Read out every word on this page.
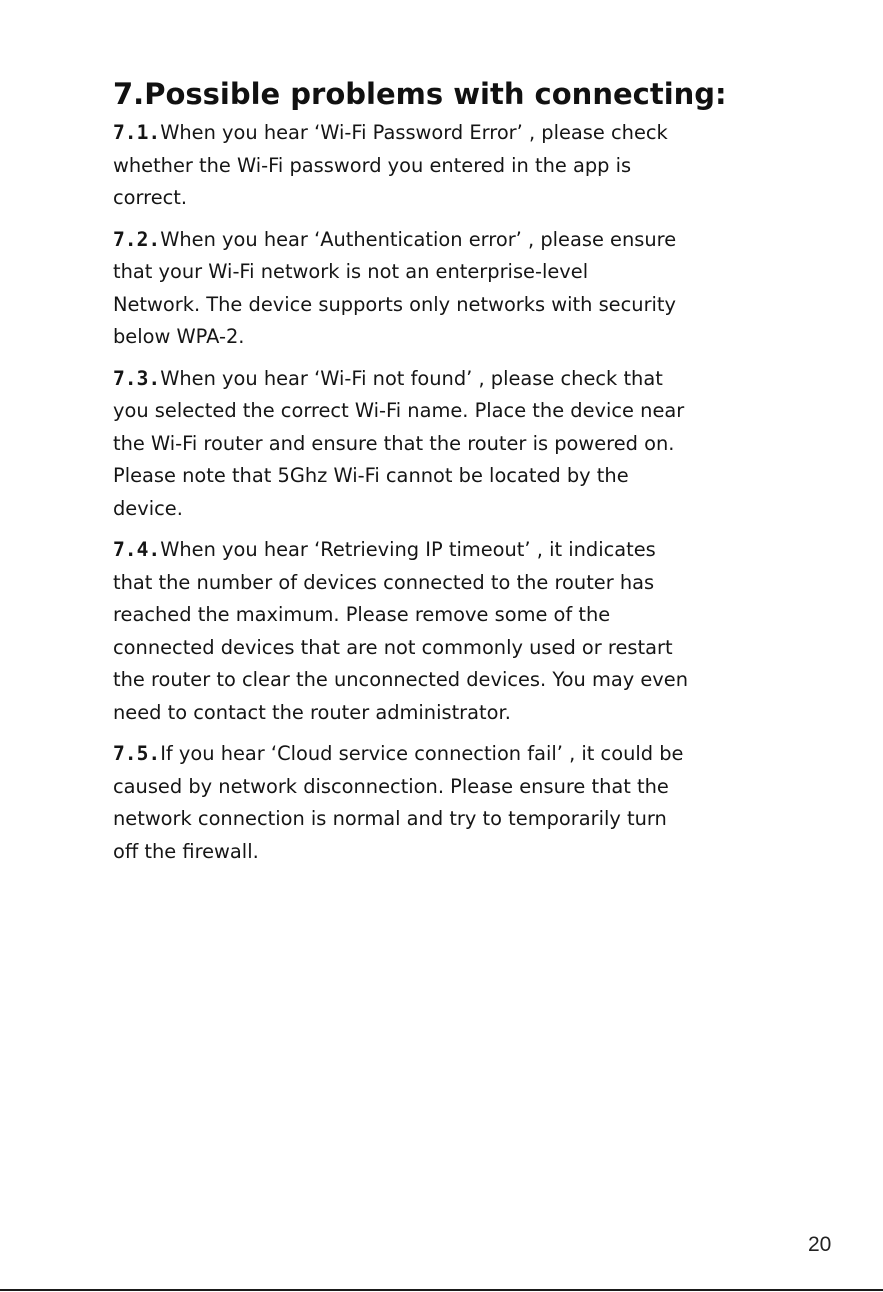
7.Possible problems with connecting:

7.1.When you hear ‘Wi-Fi Password Error’ , please check
whether the Wi-Fi password you entered in the app is
correct.

7.2.When you hear ‘Authentication error’ , please ensure
that your Wi-Fi network is not an enterprise-level
Network. The device supports only networks with security
below WPA-2.

7.3.When you hear ‘Wi-Fi not found’ , please check that
you selected the correct Wi-Fi name. Place the device near
the Wi-Fi router and ensure that the router is powered on.
Please note that 5Ghz Wi-Fi cannot be located by the
device.

7.4.When you hear ‘Retrieving IP timeout’ , it indicates
that the number of devices connected to the router has
reached the maximum. Please remove some of the
connected devices that are not commonly used or restart
the router to clear the unconnected devices. You may even
need to contact the router administrator.

7.5.If you hear ‘Cloud service connection fail’ , it could be
caused by network disconnection. Please ensure that the
network connection is normal and try to temporarily turn
off the firewall.

20
